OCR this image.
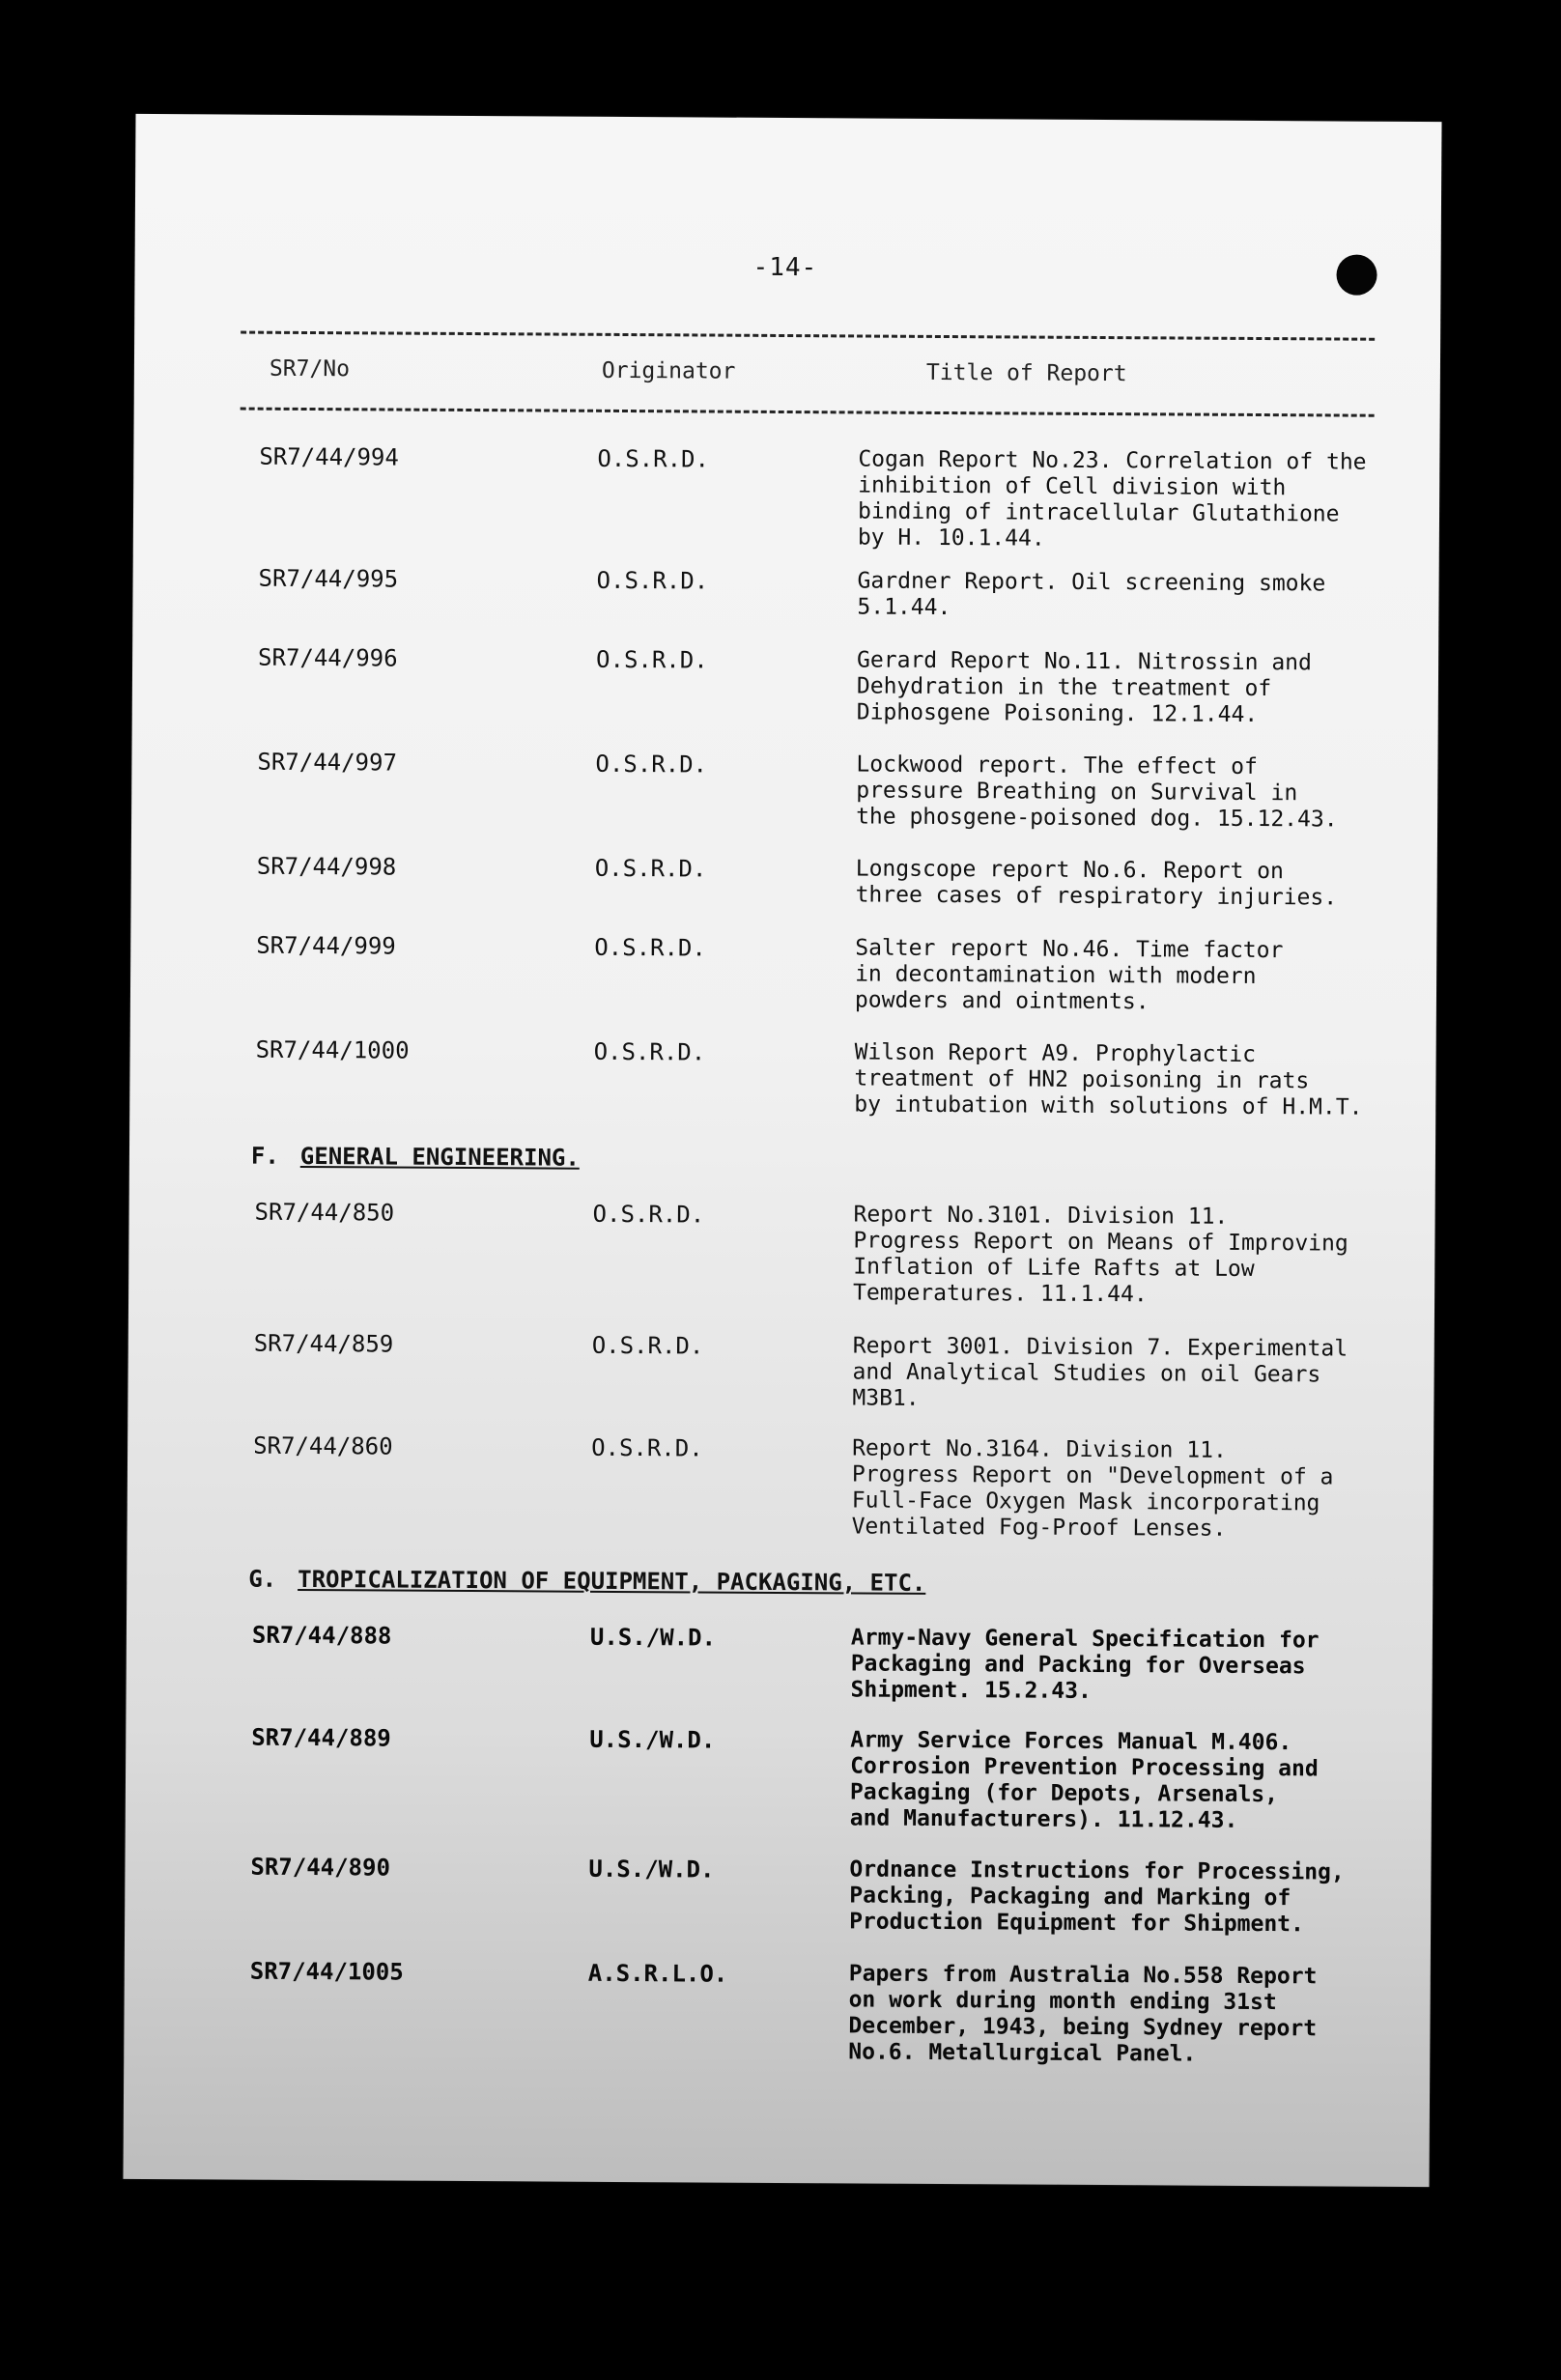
-14-
SR7/No	Originator	Title of Report
SR7/44/994	O.S.R.D.	Cogan Report No.23. Correlation of the
inhibition of Cell division with
binding of intracellular Glutathione
by H. 10.1.44.
SR7/44/995	O.S.R.D.	Gardner Report. Oil screening smoke
5.1.44.
SR7/44/996	O.S.R.D.	Gerard Report No.11. Nitrossin and
Dehydration in the treatment of
Diphosgene Poisoning. 12.1.44.
SR7/44/997	O.S.R.D.	Lockwood report. The effect of
pressure Breathing on Survival in
the phosgene-poisoned dog. 15.12.43.
SR7/44/998	O.S.R.D.	Longscope report No.6. Report on
three cases of respiratory injuries.
SR7/44/999	O.S.R.D.	Salter report No.46. Time factor
in decontamination with modern
powders and ointments.
SR7/44/1000	O.S.R.D.	Wilson Report A9. Prophylactic
treatment of HN2 poisoning in rats
by intubation with solutions of H.M.T.
F. GENERAL ENGINEERING.
SR7/44/850	O.S.R.D.	Report No.3101. Division 11.
Progress Report on Means of Improving
Inflation of Life Rafts at Low
Temperatures. 11.1.44.
SR7/44/859	O.S.R.D.	Report 3001. Division 7. Experimental
and Analytical Studies on oil Gears
M3B1.
SR7/44/860	O.S.R.D.	Report No.3164. Division 11.
Progress Report on "Development of a
Full-Face Oxygen Mask incorporating
Ventilated Fog-Proof Lenses.
G. TROPICALIZATION OF EQUIPMENT, PACKAGING, ETC.
SR7/44/888	U.S./W.D.	Army-Navy General Specification for
Packaging and Packing for Overseas
Shipment. 15.2.43.
SR7/44/889	U.S./W.D.	Army Service Forces Manual M.406.
Corrosion Prevention Processing and
Packaging (for Depots, Arsenals,
and Manufacturers). 11.12.43.
SR7/44/890	U.S./W.D.	Ordnance Instructions for Processing,
Packing, Packaging and Marking of
Production Equipment for Shipment.
SR7/44/1005	A.S.R.L.O.	Papers from Australia No.558 Report
on work during month ending 31st
December, 1943, being Sydney report
No.6. Metallurgical Panel.
